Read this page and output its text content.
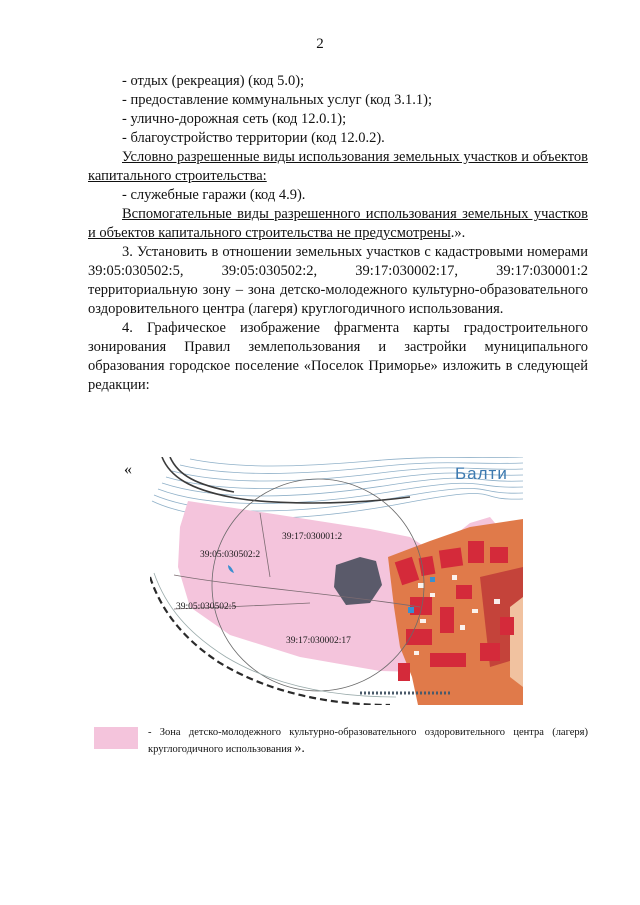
2

- отдых (рекреация) (код 5.0);

- предоставление коммунальных услуг (код 3.1.1);

- улично-дорожная сеть (код 12.0.1);

- благоустройство территории (код 12.0.2).

Условно разрешенные виды использования земельных участков и объектов капитального строительства:

- служебные гаражи (код 4.9).

Вспомогательные виды разрешенного использования земельных участков и объектов капитального строительства не предусмотрены.».

3. Установить в отношении земельных участков с кадастровыми номерами 39:05:030502:5, 39:05:030502:2, 39:17:030002:17, 39:17:030001:2 территориальную зону – зона детско-молодежного культурно-образовательного оздоровительного центра (лагеря) круглогодичного использования.

4. Графическое изображение фрагмента карты градостроительного зонирования Правил землепользования и застройки муниципального образования городское поселение «Поселок Приморье» изложить в следующей редакции:

«	Балти
39:17:030001:2
39:05:030502:2
39:05:030502:5
39:17:030002:17
- Зона детско-молодежного культурно-образовательного оздоровительного центра (лагеря) круглогодичного использования ».
